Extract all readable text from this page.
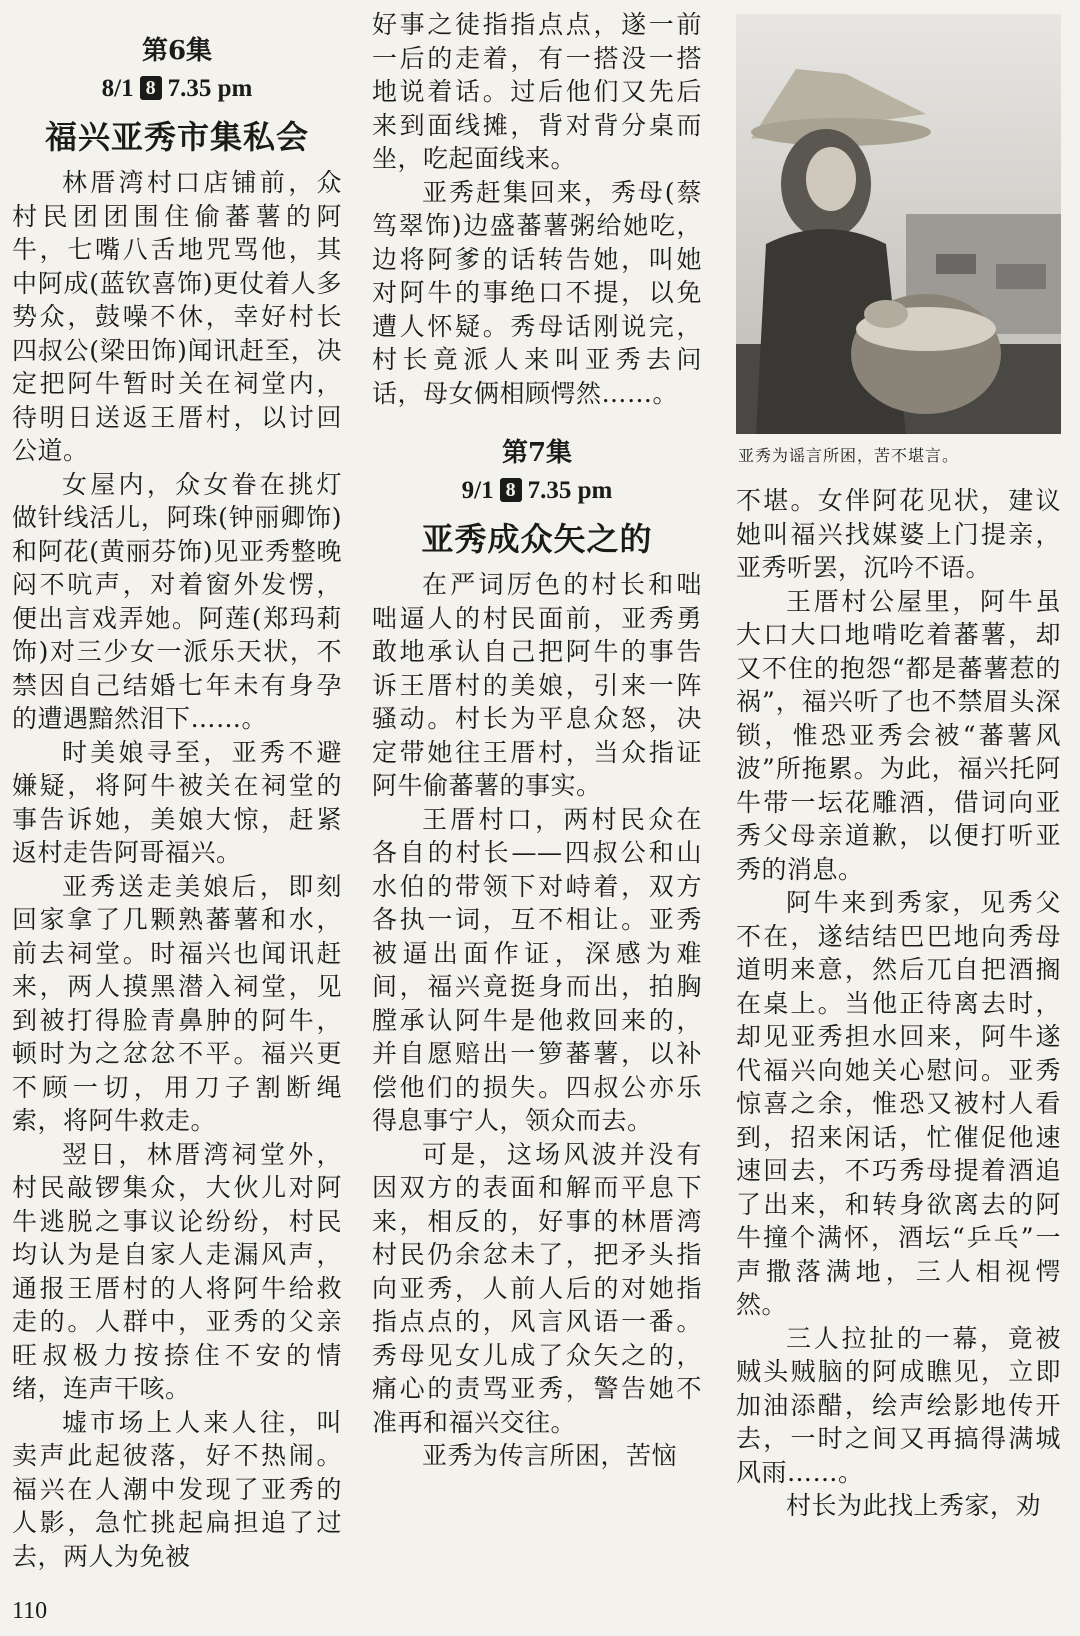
第6集
8/1 8 7.35 pm
福兴亚秀市集私会

林厝湾村口店铺前，众村民团团围住偷蕃薯的阿牛，七嘴八舌地咒骂他，其中阿成(蓝钦喜饰)更仗着人多势众，鼓噪不休，幸好村长四叔公(梁田饰)闻讯赶至，决定把阿牛暂时关在祠堂内，待明日送返王厝村，以讨回公道。

女屋内，众女眷在挑灯做针线活儿，阿珠(钟丽卿饰)和阿花(黄丽芬饰)见亚秀整晚闷不吭声，对着窗外发愣，便出言戏弄她。阿莲(郑玛莉饰)对三少女一派乐天状，不禁因自己结婚七年未有身孕的遭遇黯然泪下……。

时美娘寻至，亚秀不避嫌疑，将阿牛被关在祠堂的事告诉她，美娘大惊，赶紧返村走告阿哥福兴。

亚秀送走美娘后，即刻回家拿了几颗熟蕃薯和水，前去祠堂。时福兴也闻讯赶来，两人摸黑潜入祠堂，见到被打得脸青鼻肿的阿牛，顿时为之忿忿不平。福兴更不顾一切，用刀子割断绳索，将阿牛救走。

翌日，林厝湾祠堂外，村民敲锣集众，大伙儿对阿牛逃脱之事议论纷纷，村民均认为是自家人走漏风声，通报王厝村的人将阿牛给救走的。人群中，亚秀的父亲旺叔极力按捺住不安的情绪，连声干咳。

墟市场上人来人往，叫卖声此起彼落，好不热闹。福兴在人潮中发现了亚秀的人影，急忙挑起扁担追了过去，两人为免被

好事之徒指指点点，遂一前一后的走着，有一搭没一搭地说着话。过后他们又先后来到面线摊，背对背分桌而坐，吃起面线来。

亚秀赶集回来，秀母(蔡笃翠饰)边盛蕃薯粥给她吃，边将阿爹的话转告她，叫她对阿牛的事绝口不提，以免遭人怀疑。秀母话刚说完，村长竟派人来叫亚秀去问话，母女俩相顾愕然……。

第7集
9/1 8 7.35 pm
亚秀成众矢之的

在严词厉色的村长和咄咄逼人的村民面前，亚秀勇敢地承认自己把阿牛的事告诉王厝村的美娘，引来一阵骚动。村长为平息众怒，决定带她往王厝村，当众指证阿牛偷蕃薯的事实。

王厝村口，两村民众在各自的村长——四叔公和山水伯的带领下对峙着，双方各执一词，互不相让。亚秀被逼出面作证，深感为难间，福兴竟挺身而出，拍胸膛承认阿牛是他救回来的，并自愿赔出一箩蕃薯，以补偿他们的损失。四叔公亦乐得息事宁人，领众而去。

可是，这场风波并没有因双方的表面和解而平息下来，相反的，好事的林厝湾村民仍余忿未了，把矛头指向亚秀，人前人后的对她指指点点的，风言风语一番。秀母见女儿成了众矢之的，痛心的责骂亚秀，警告她不准再和福兴交往。

亚秀为传言所困，苦恼

亚秀为谣言所困，苦不堪言。

不堪。女伴阿花见状，建议她叫福兴找媒婆上门提亲，亚秀听罢，沉吟不语。

王厝村公屋里，阿牛虽大口大口地啃吃着蕃薯，却又不住的抱怨“都是蕃薯惹的祸”，福兴听了也不禁眉头深锁，惟恐亚秀会被“蕃薯风波”所拖累。为此，福兴托阿牛带一坛花雕酒，借词向亚秀父母亲道歉，以便打听亚秀的消息。

阿牛来到秀家，见秀父不在，遂结结巴巴地向秀母道明来意，然后兀自把酒搁在桌上。当他正待离去时，却见亚秀担水回来，阿牛遂代福兴向她关心慰问。亚秀惊喜之余，惟恐又被村人看到，招来闲话，忙催促他速速回去，不巧秀母提着酒追了出来，和转身欲离去的阿牛撞个满怀，酒坛“乒乓”一声撒落满地，三人相视愕然。

三人拉扯的一幕，竟被贼头贼脑的阿成瞧见，立即加油添醋，绘声绘影地传开去，一时之间又再搞得满城风雨……。

村长为此找上秀家，劝

110
